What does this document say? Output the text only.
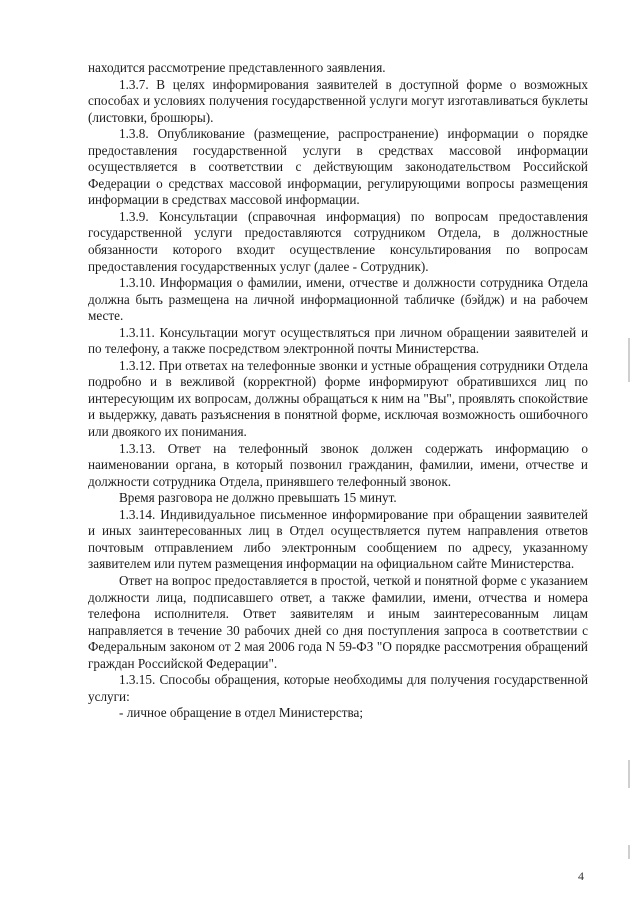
находится рассмотрение представленного заявления.

1.3.7. В целях информирования заявителей в доступной форме о возможных способах и условиях получения государственной услуги могут изготавливаться буклеты (листовки, брошюры).

1.3.8. Опубликование (размещение, распространение) информации о порядке предоставления государственной услуги в средствах массовой информации осуществляется в соответствии с действующим законодательством Российской Федерации о средствах массовой информации, регулирующими вопросы размещения информации в средствах массовой информации.

1.3.9. Консультации (справочная информация) по вопросам предоставления государственной услуги предоставляются сотрудником Отдела, в должностные обязанности которого входит осуществление консультирования по вопросам предоставления государственных услуг (далее - Сотрудник).

1.3.10. Информация о фамилии, имени, отчестве и должности сотрудника Отдела должна быть размещена на личной информационной табличке (бэйдж) и на рабочем месте.

1.3.11. Консультации могут осуществляться при личном обращении заявителей и по телефону, а также посредством электронной почты Министерства.

1.3.12. При ответах на телефонные звонки и устные обращения сотрудники Отдела подробно и в вежливой (корректной) форме информируют обратившихся лиц по интересующим их вопросам, должны обращаться к ним на "Вы", проявлять спокойствие и выдержку, давать разъяснения в понятной форме, исключая возможность ошибочного или двоякого их понимания.

1.3.13. Ответ на телефонный звонок должен содержать информацию о наименовании органа, в который позвонил гражданин, фамилии, имени, отчестве и должности сотрудника Отдела, принявшего телефонный звонок.

Время разговора не должно превышать 15 минут.

1.3.14. Индивидуальное письменное информирование при обращении заявителей и иных заинтересованных лиц в Отдел осуществляется путем направления ответов почтовым отправлением либо электронным сообщением по адресу, указанному заявителем или путем размещения информации на официальном сайте Министерства.

Ответ на вопрос предоставляется в простой, четкой и понятной форме с указанием должности лица, подписавшего ответ, а также фамилии, имени, отчества и номера телефона исполнителя. Ответ заявителям и иным заинтересованным лицам направляется в течение 30 рабочих дней со дня поступления запроса в соответствии с Федеральным законом от 2 мая 2006 года N 59-ФЗ "О порядке рассмотрения обращений граждан Российской Федерации".

1.3.15. Способы обращения, которые необходимы для получения государственной услуги:

- личное обращение в отдел Министерства;

4
